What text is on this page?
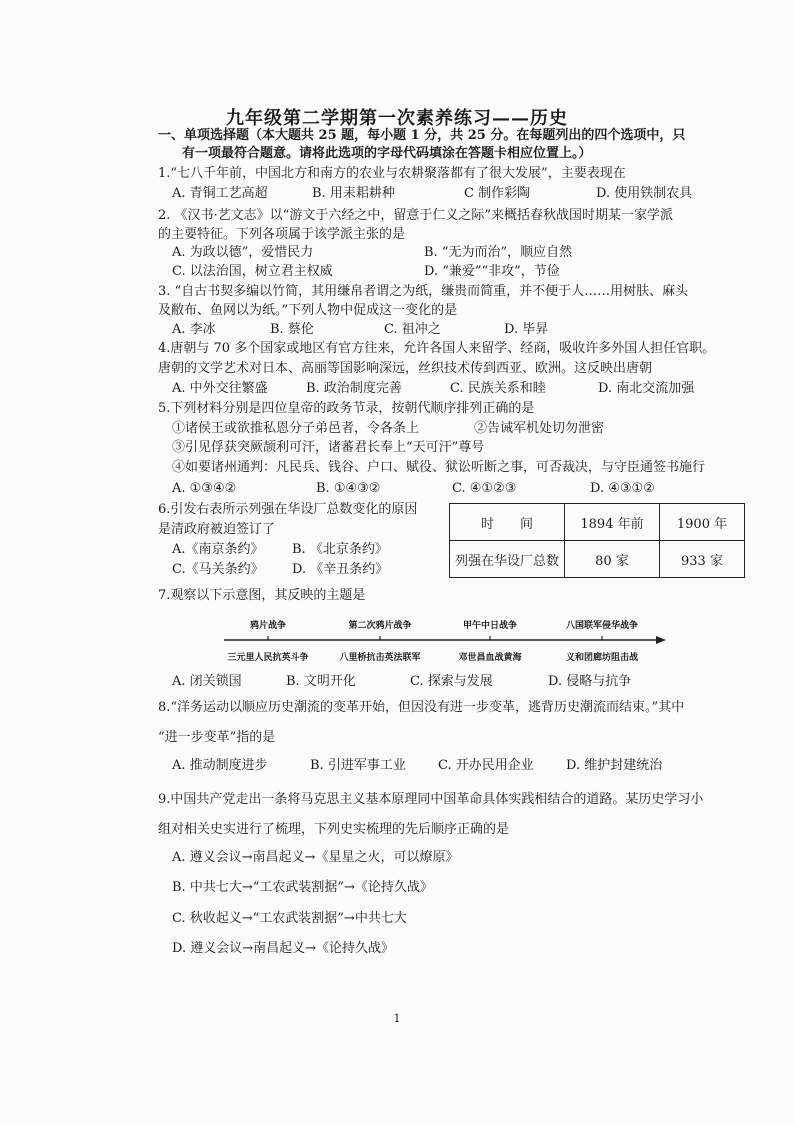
九年级第二学期第一次素养练习——历史
一、单项选择题（本大题共 25 题，每小题 1 分，共 25 分。在每题列出的四个选项中，只
有一项最符合题意。请将此选项的字母代码填涂在答题卡相应位置上。）
1.“七八千年前，中国北方和南方的农业与农耕聚落都有了很大发展”，主要表现在
A. 青铜工艺高超	B. 用耒耜耕种	C 制作彩陶	D. 使用铁制农具
2. 《汉书·艺文志》以“游文于六经之中，留意于仁义之际”来概括春秋战国时期某一家学派
的主要特征。下列各项属于该学派主张的是
A. 为政以德”，爱惜民力	B. “无为而治”，顺应自然
C. 以法治国，树立君主权威	D. “兼爱”“非攻”，节俭
3. “自古书契多编以竹简，其用缣帛者谓之为纸，缣贵而简重，并不便于人……用树肤、麻头
及敝布、鱼网以为纸。”下列人物中促成这一变化的是
A. 李冰	B. 蔡伦	C. 祖冲之	D. 毕昇
4.唐朝与 70 多个国家或地区有官方往来，允许各国人来留学、经商，吸收许多外国人担任官职。
唐朝的文学艺术对日本、高丽等国影响深远，丝织技术传到西亚、欧洲。这反映出唐朝
A. 中外交往繁盛	B. 政治制度完善	C. 民族关系和睦	D. 南北交流加强
5.下列材料分别是四位皇帝的政务节录，按朝代顺序排列正确的是
①诸侯王或欲推私恩分子弟邑者，令各条上	②告诫军机处切勿泄密
③引见俘获突厥颉利可汗，诸蕃君长奉上“天可汗”尊号
④如要诸州通判：凡民兵、钱谷、户口、赋役、狱讼听断之事，可否裁决，与守臣通签书施行
A. ①③④②	B. ①④③②	C. ④①②③	D. ④③①②
6.引发右表所示列强在华设厂总数变化的原因
是清政府被迫签订了
A.《南京条约》 B. 《北京条约》
C.《马关条约》 D. 《辛丑条约》
时　　间	1894 年前	1900 年
列强在华设厂总数	80 家	933 家
7.观察以下示意图，其反映的主题是
鸦片战争	第二次鸦片战争	甲午中日战争	八国联军侵华战争
三元里人民抗英斗争	八里桥抗击英法联军	邓世昌血战黄海	义和团廊坊阻击战
A. 闭关锁国	B. 文明开化	C. 探索与发展	D. 侵略与抗争
8.“洋务运动以顺应历史潮流的变革开始，但因没有进一步变革，逃背历史潮流而结束。”其中
“进一步变革”指的是
A. 推动制度进步	B. 引进军事工业 C. 开办民用企业 D. 维护封建统治
9.中国共产党走出一条将马克思主义基本原理同中国革命具体实践相结合的道路。某历史学习小
组对相关史实进行了梳理，下列史实梳理的先后顺序正确的是
A. 遵义会议→南昌起义→《星星之火，可以燎原》
B. 中共七大→“工农武装割据”→《论持久战》
C. 秋收起义→“工农武装割据”→中共七大
D. 遵义会议→南昌起义→《论持久战》
1
